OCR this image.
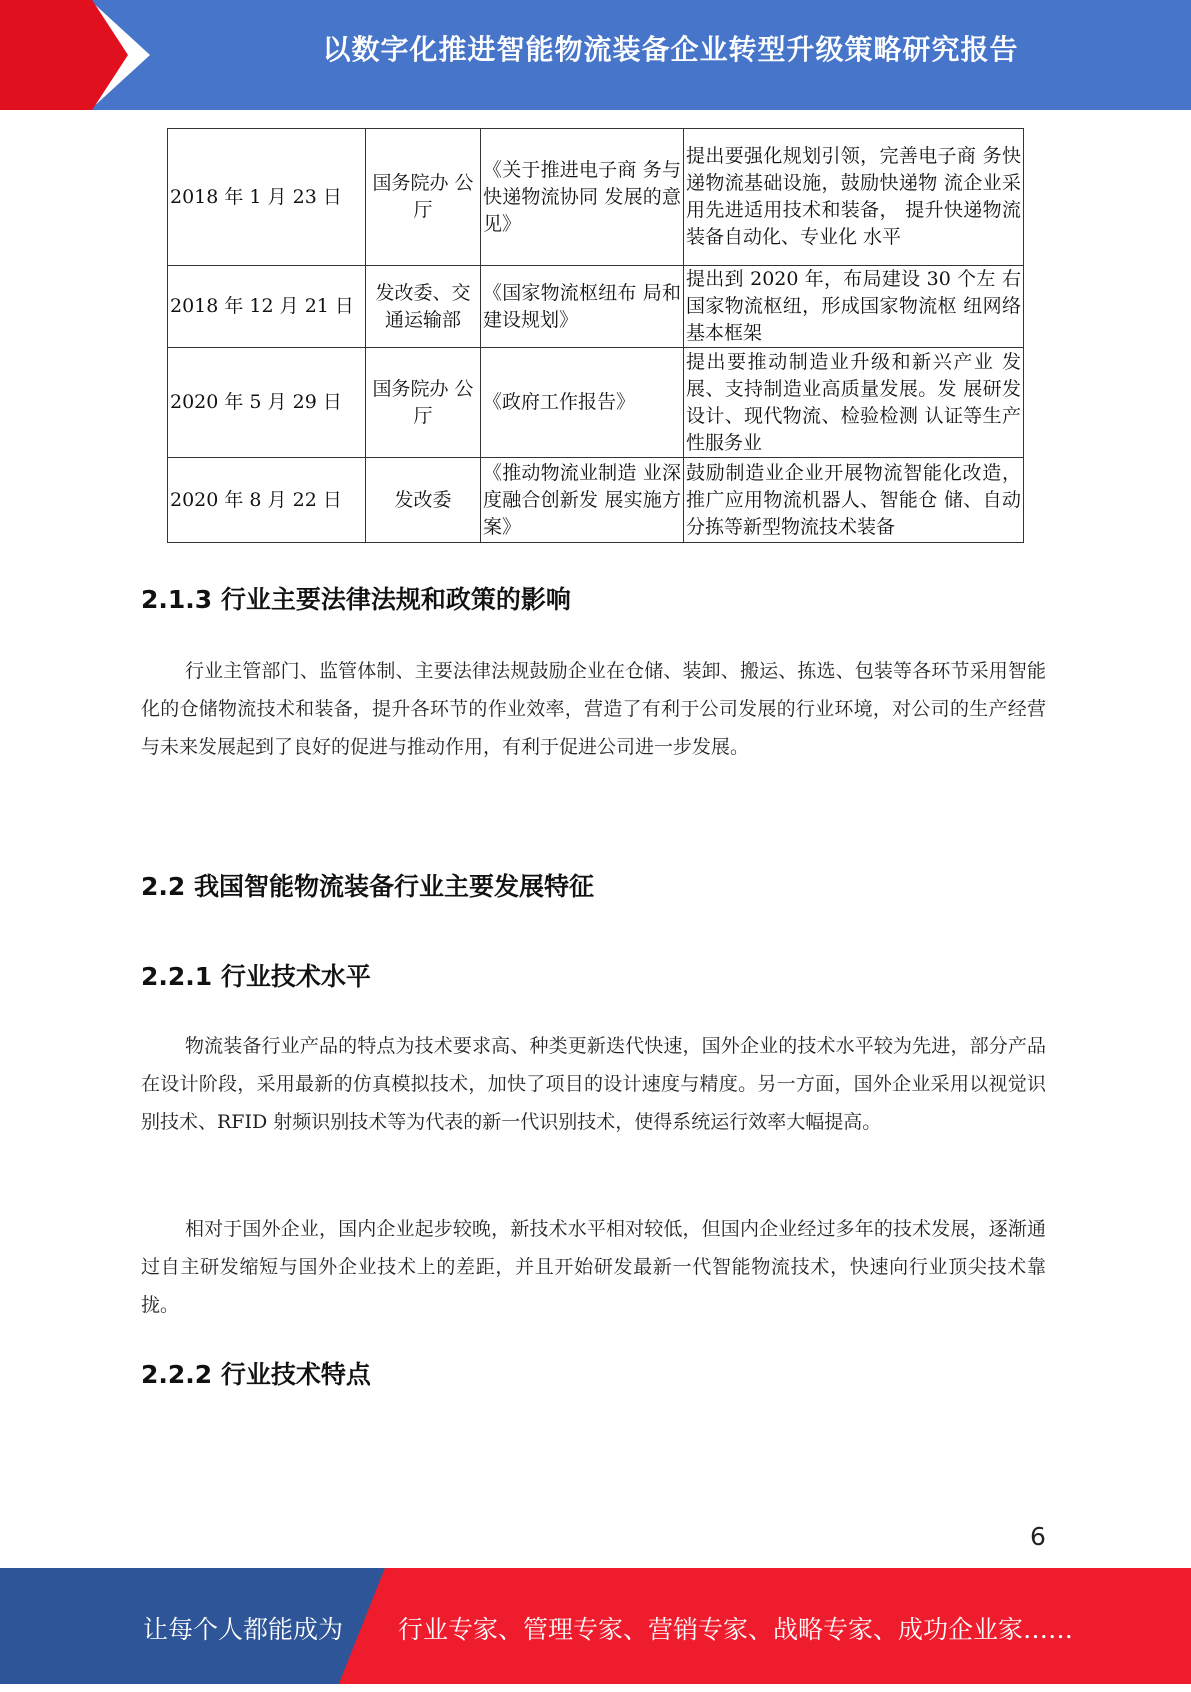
以数字化推进智能物流装备企业转型升级策略研究报告
2018 年 1 月 23 日	国务院办 公厅	《关于推进电子商 务与快递物流协同 发展的意见》	提出要强化规划引领，完善电子商 务快递物流基础设施，鼓励快递物 流企业采用先进适用技术和装备， 提升快递物流装备自动化、专业化 水平
2018 年 12 月 21 日	发改委、交 通运输部	《国家物流枢纽布 局和建设规划》	提出到 2020 年，布局建设 30 个左 右国家物流枢纽，形成国家物流枢 纽网络基本框架
2020 年 5 月 29 日	国务院办 公厅	《政府工作报告》	提出要推动制造业升级和新兴产业 发展、支持制造业高质量发展。发 展研发设计、现代物流、检验检测 认证等生产性服务业
2020 年 8 月 22 日	发改委	《推动物流业制造 业深度融合创新发 展实施方案》	鼓励制造业企业开展物流智能化改造，推广应用物流机器人、智能仓 储、自动分拣等新型物流技术装备
2.1.3 行业主要法律法规和政策的影响
行业主管部门、监管体制、主要法律法规鼓励企业在仓储、装卸、搬运、拣选、包装等各环节采用智能化的仓储物流技术和装备，提升各环节的作业效率，营造了有利于公司发展的行业环境，对公司的生产经营与未来发展起到了良好的促进与推动作用，有利于促进公司进一步发展。
2.2 我国智能物流装备行业主要发展特征
2.2.1 行业技术水平
物流装备行业产品的特点为技术要求高、种类更新迭代快速，国外企业的技术水平较为先进，部分产品在设计阶段，采用最新的仿真模拟技术，加快了项目的设计速度与精度。另一方面，国外企业采用以视觉识别技术、RFID 射频识别技术等为代表的新一代识别技术，使得系统运行效率大幅提高。
相对于国外企业，国内企业起步较晚，新技术水平相对较低，但国内企业经过多年的技术发展，逐渐通过自主研发缩短与国外企业技术上的差距，并且开始研发最新一代智能物流技术，快速向行业顶尖技术靠拢。
2.2.2 行业技术特点
6
让每个人都能成为 行业专家、管理专家、营销专家、战略专家、成功企业家……
